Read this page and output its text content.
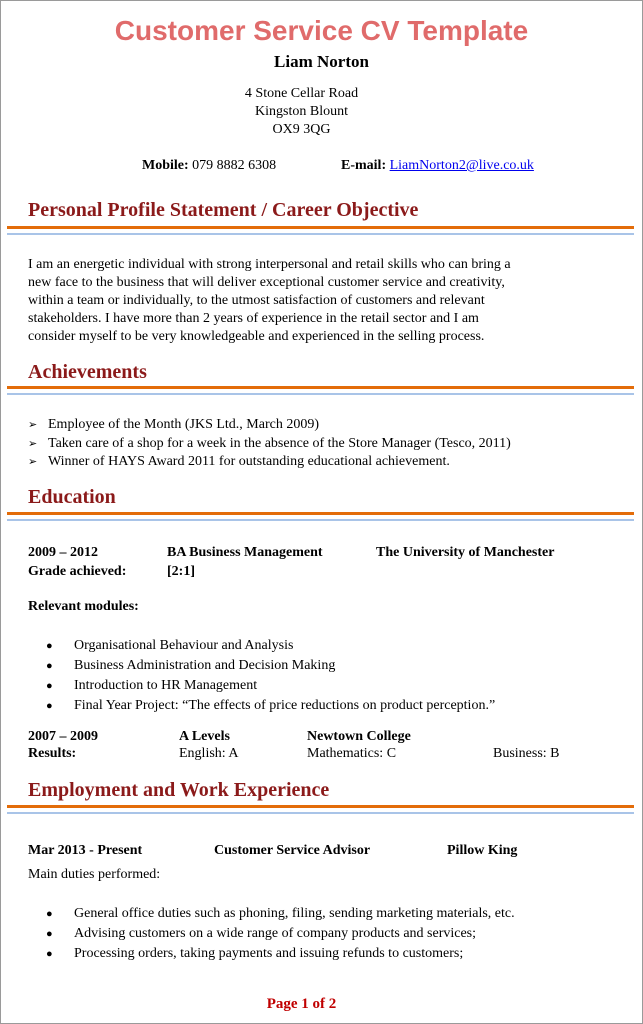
Customer Service CV Template
Liam Norton
4 Stone Cellar Road
Kingston Blount
OX9 3QG
Mobile: 079 8882 6308	E-mail: LiamNorton2@live.co.uk
Personal Profile Statement / Career Objective
I am an energetic individual with strong interpersonal and retail skills who can bring a
new face to the business that will deliver exceptional customer service and creativity,
within a team or individually, to the utmost satisfaction of customers and relevant
stakeholders. I have more than 2 years of experience in the retail sector and I am
consider myself to be very knowledgeable and experienced in the selling process.
Achievements
➢ Employee of the Month (JKS Ltd., March 2009)
➢ Taken care of a shop for a week in the absence of the Store Manager (Tesco, 2011)
➢ Winner of HAYS Award 2011 for outstanding educational achievement.
Education
2009 – 2012	BA Business Management	The University of Manchester
Grade achieved:	[2:1]
Relevant modules:
● Organisational Behaviour and Analysis
● Business Administration and Decision Making
● Introduction to HR Management
● Final Year Project: “The effects of price reductions on product perception.”
2007 – 2009	A Levels	Newtown College
Results:	English: A	Mathematics: C	Business: B
Employment and Work Experience
Mar 2013 - Present	Customer Service Advisor	Pillow King
Main duties performed:
● General office duties such as phoning, filing, sending marketing materials, etc.
● Advising customers on a wide range of company products and services;
● Processing orders, taking payments and issuing refunds to customers;
Page 1 of 2
